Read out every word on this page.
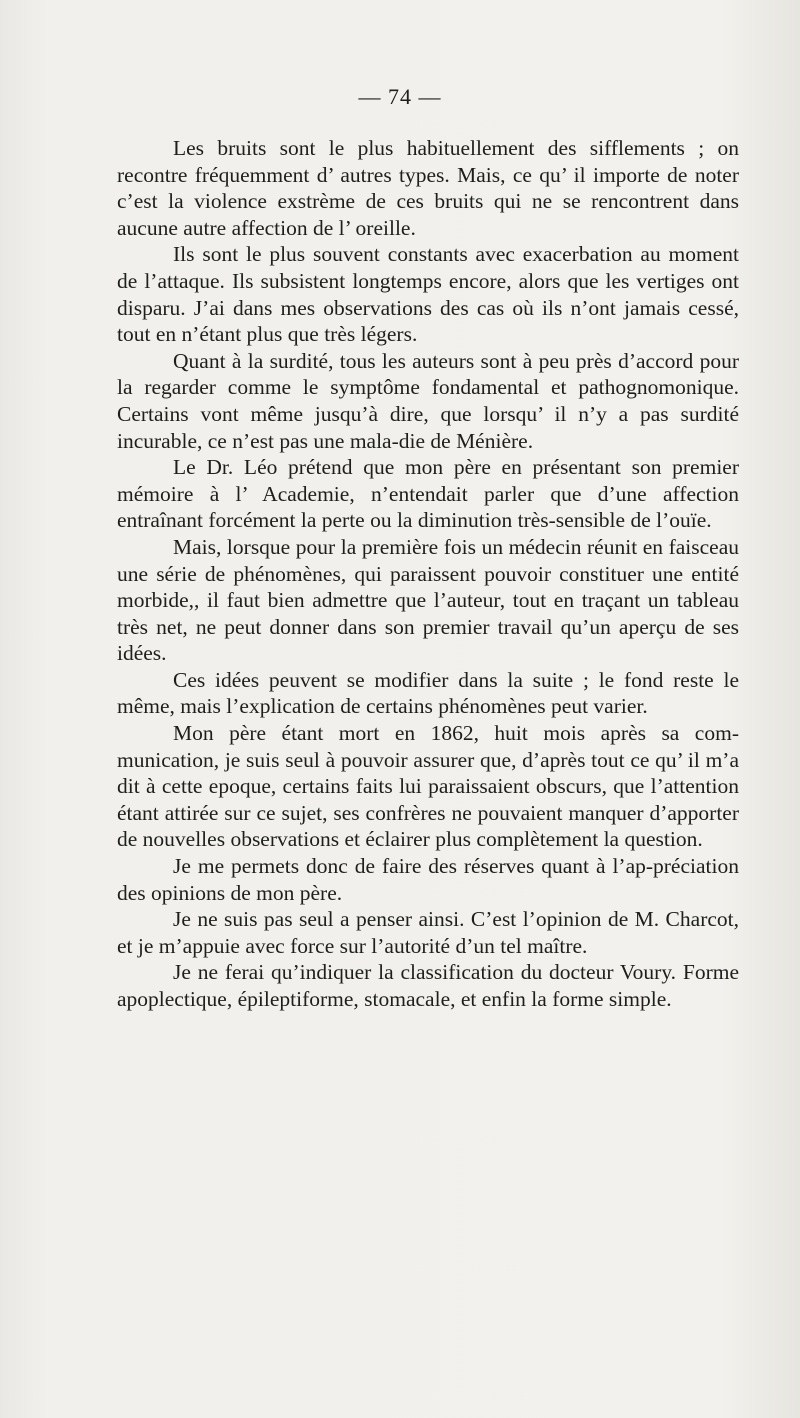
— 74 —

Les bruits sont le plus habituellement des sifflements ; on recontre fréquemment d’ autres types. Mais, ce qu’ il importe de noter c’est la violence exstrème de ces bruits qui ne se rencontrent dans aucune autre affection de l’ oreille.

Ils sont le plus souvent constants avec exacerbation au moment de l’attaque. Ils subsistent longtemps encore, alors que les vertiges ont disparu. J’ai dans mes observations des cas où ils n’ont jamais cessé, tout en n’étant plus que très légers.

Quant à la surdité, tous les auteurs sont à peu près d’accord pour la regarder comme le symptôme fondamental et pathognomonique. Certains vont même jusqu’à dire, que lorsqu’ il n’y a pas surdité incurable, ce n’est pas une mala-die de Ménière.

Le Dr. Léo prétend que mon père en présentant son premier mémoire à l’ Academie, n’entendait parler que d’une affection entraînant forcément la perte ou la diminution très-sensible de l’ouïe.

Mais, lorsque pour la première fois un médecin réunit en faisceau une série de phénomènes, qui paraissent pouvoir constituer une entité morbide,, il faut bien admettre que l’auteur, tout en traçant un tableau très net, ne peut donner dans son premier travail qu’un aperçu de ses idées.

Ces idées peuvent se modifier dans la suite ; le fond reste le même, mais l’explication de certains phénomènes peut varier.

Mon père étant mort en 1862, huit mois après sa com-munication, je suis seul à pouvoir assurer que, d’après tout ce qu’ il m’a dit à cette epoque, certains faits lui paraissaient obscurs, que l’attention étant attirée sur ce sujet, ses confrères ne pouvaient manquer d’apporter de nouvelles observations et éclairer plus complètement la question.

Je me permets donc de faire des réserves quant à l’ap-préciation des opinions de mon père.

Je ne suis pas seul a penser ainsi. C’est l’opinion de M. Charcot, et je m’appuie avec force sur l’autorité d’un tel maître.

Je ne ferai qu’indiquer la classification du docteur Voury. Forme apoplectique, épileptiforme, stomacale, et enfin la forme simple.
